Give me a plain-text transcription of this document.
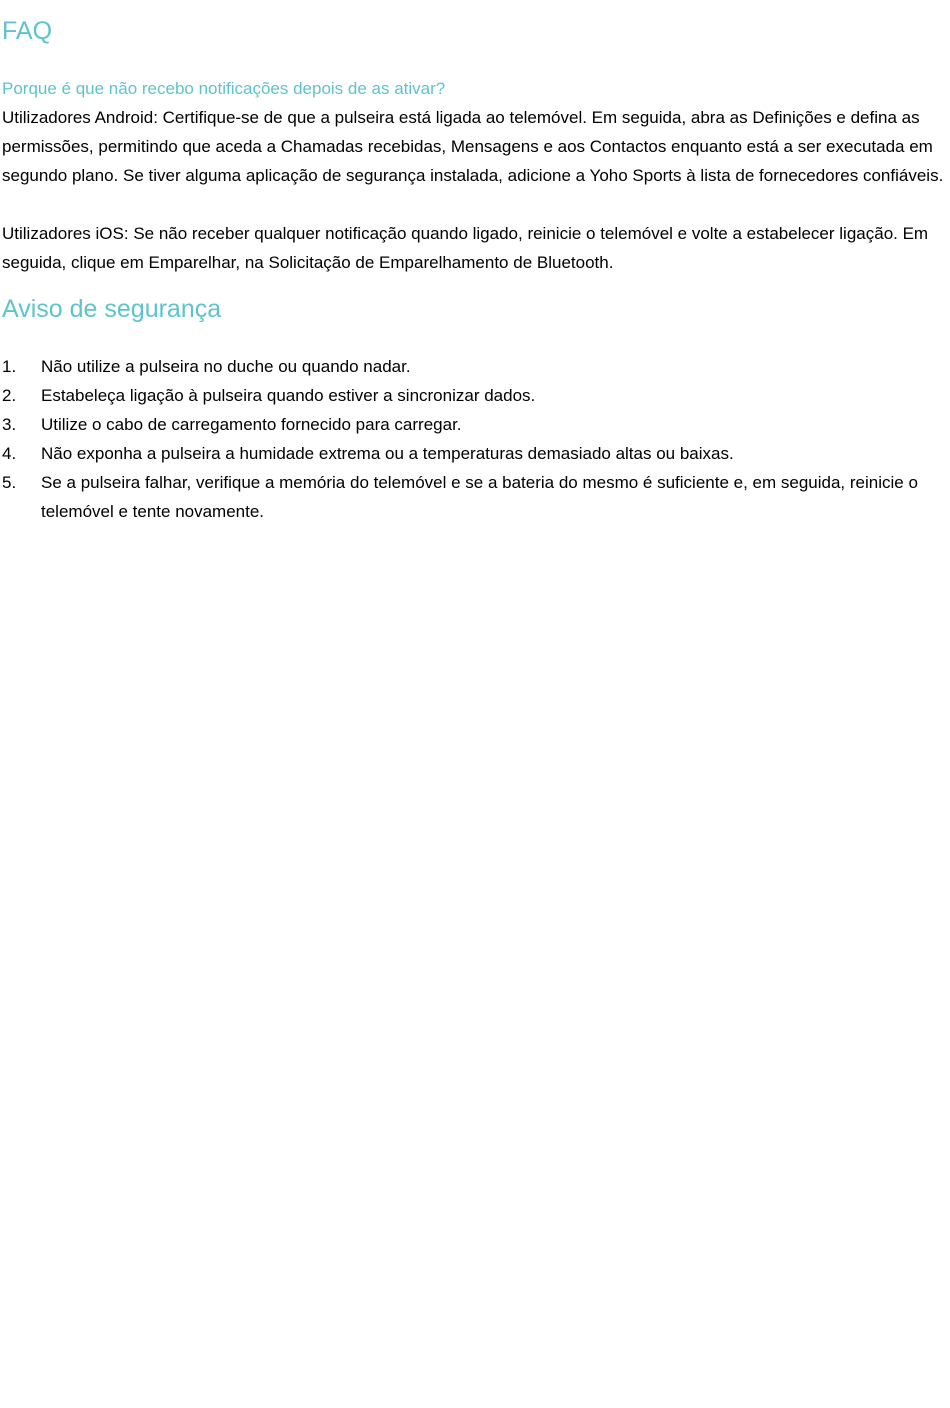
FAQ
Porque é que não recebo notificações depois de as ativar?

Utilizadores Android: Certifique-se de que a pulseira está ligada ao telemóvel. Em seguida, abra as Definições e defina as permissões, permitindo que aceda a Chamadas recebidas, Mensagens e aos Contactos enquanto está a ser executada em segundo plano. Se tiver alguma aplicação de segurança instalada, adicione a Yoho Sports à lista de fornecedores confiáveis.

Utilizadores iOS: Se não receber qualquer notificação quando ligado, reinicie o telemóvel e volte a estabelecer ligação. Em seguida, clique em Emparelhar, na Solicitação de Emparelhamento de Bluetooth.

Aviso de segurança
1. Não utilize a pulseira no duche ou quando nadar.
2. Estabeleça ligação à pulseira quando estiver a sincronizar dados.
3. Utilize o cabo de carregamento fornecido para carregar.
4. Não exponha a pulseira a humidade extrema ou a temperaturas demasiado altas ou baixas.
5. Se a pulseira falhar, verifique a memória do telemóvel e se a bateria do mesmo é suficiente e, em seguida, reinicie o telemóvel e tente novamente.
